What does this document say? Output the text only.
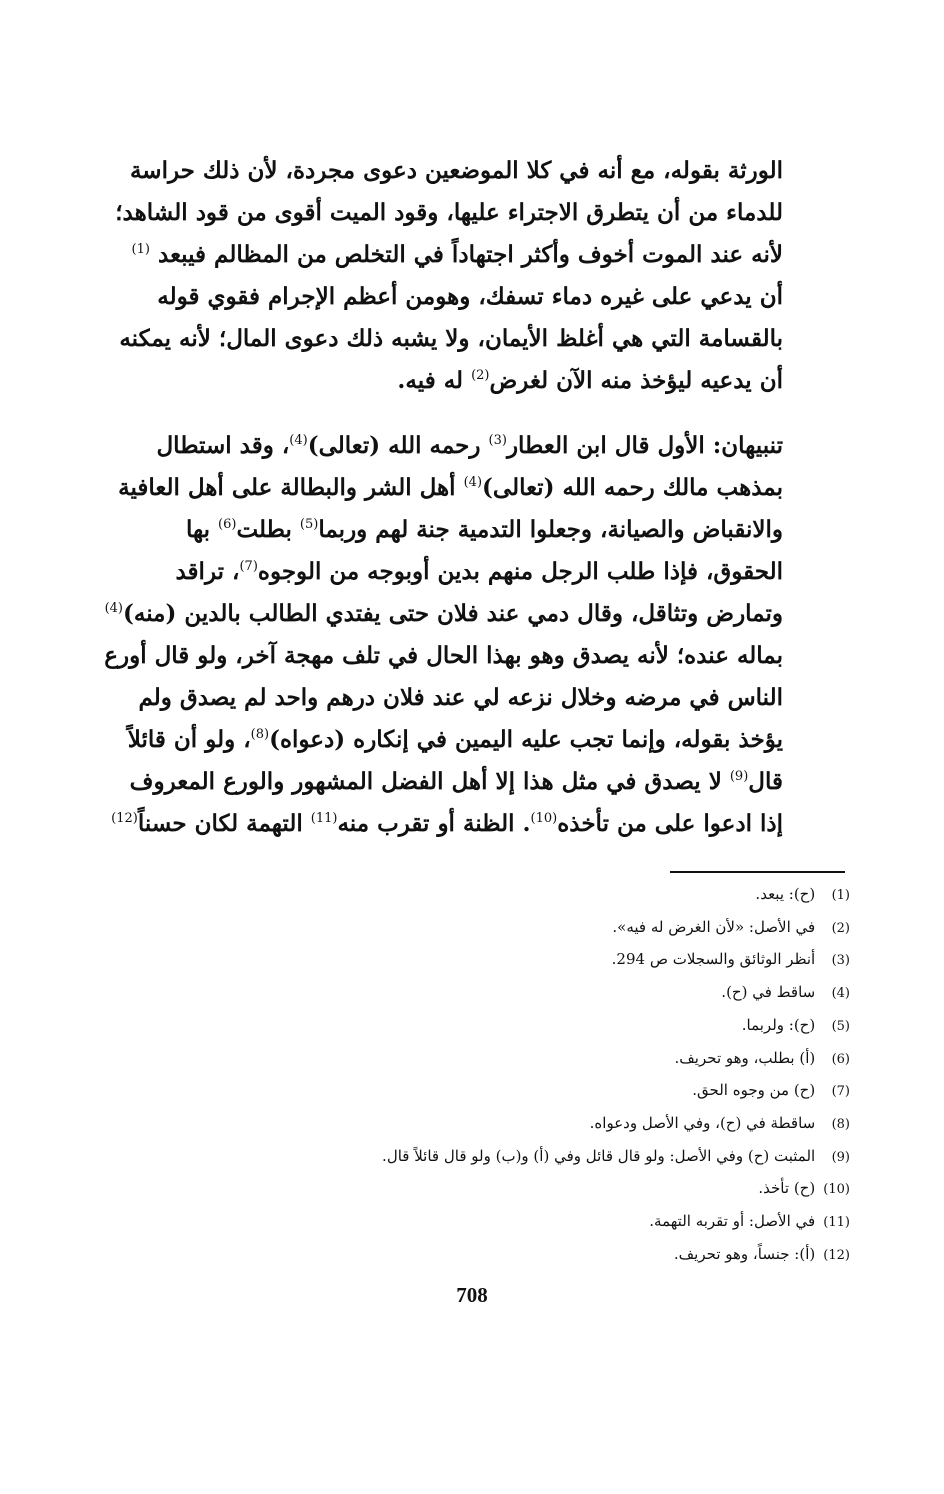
الورثة بقوله، مع أنه في كلا الموضعين دعوى مجردة، لأن ذلك حراسة
للدماء من أن يتطرق الاجتراء عليها، وقود الميت أقوى من قود الشاهد؛
لأنه عند الموت أخوف وأكثر اجتهاداً في التخلص من المظالم فيبعد $^{(1)}$
أن يدعي على غيره دماء تسفك، وهومن أعظم الإجرام فقوي قوله
بالقسامة التي هي أغلظ الأيمان، ولا يشبه ذلك دعوى المال؛ لأنه يمكنه
أن يدعيه ليؤخذ منه الآن لغرض$^{(2)}$ له فيه.
تنبيهان: الأول قال ابن العطار$^{(3)}$ رحمه الله (تعالى)$^{(4)}$، وقد استطال
بمذهب مالك رحمه الله (تعالى)$^{(4)}$ أهل الشر والبطالة على أهل العافية
والانقباض والصيانة، وجعلوا التدمية جنة لهم وربما$^{(5)}$ بطلت$^{(6)}$ بها
الحقوق، فإذا طلب الرجل منهم بدين أوبوجه من الوجوه$^{(7)}$، تراقد
وتمارض وتثاقل، وقال دمي عند فلان حتى يفتدي الطالب بالدين (منه)$^{(4)}$
بماله عنده؛ لأنه يصدق وهو بهذا الحال في تلف مهجة آخر، ولو قال أورع
الناس في مرضه وخلال نزعه لي عند فلان درهم واحد لم يصدق ولم
يؤخذ بقوله، وإنما تجب عليه اليمين في إنكاره (دعواه)$^{(8)}$، ولو أن قائلاً
قال$^{(9)}$ لا يصدق في مثل هذا إلا أهل الفضل المشهور والورع المعروف
إذا ادعوا على من تأخذه$^{(10)}$. الظنة أو تقرب منه$^{(11)}$ التهمة لكان حسناً$^{(12)}$
(1) (ح): يبعد.
(2) في الأصل: «لأن الغرض له فيه».
(3) أنظر الوثائق والسجلات ص 294.
(4) ساقط في (ح).
(5) (ح): ولربما.
(6) (أ) بطلب، وهو تحريف.
(7) (ح) من وجوه الحق.
(8) ساقطة في (ح)، وفي الأصل ودعواه.
(9) المثبت (ح) وفي الأصل: ولو قال قائل وفي (أ) و(ب) ولو قال قائلاً قال.
(10) (ح) تأخذ.
(11) في الأصل: أو تقربه التهمة.
(12) (أ): جنساً، وهو تحريف.
708
